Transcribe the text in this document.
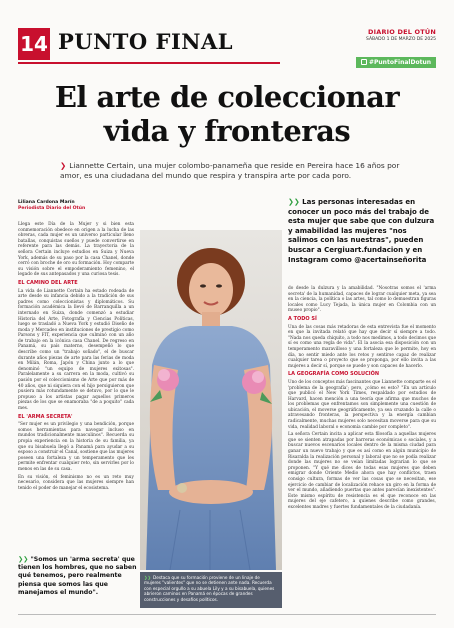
14 PUNTO FINAL	DIARIO DEL OTÚN
SÁBADO 1 DE MARZO DE 2025
#PuntoFinalDotun
El arte de coleccionar
vida y fronteras
❯ Liannette Certain, una mujer colombo-panameña que reside en Pereira hace 16 años por amor, es una ciudadana del mundo que respira y transpira arte por cada poro.
Liliana Cardona Marín
Periodista Diario del Otún
❯❯ Las personas interesadas en conocer un poco más del trabajo de esta mujer que sabe que con dulzura y amabilidad las mujeres "nos salimos con las nuestras", pueden buscar a Cergiuart.fundacion y en Instagram como @acertainseñorita

Llega este Día de la Mujer y si bien esta conmemoración obedece en origen a la lucha de las obreras, cada mujer es un universo particular lleno batallas, conquistas sueños y puede convertirse en referente para las demás. La trayectoria de la señora Certain incluye estudios en Suiza y Nueva York, además de su paso por la casa Chanel, donde cerró con broche de oro su formación. Hoy comparte su visión sobre el empoderamiento femenino, el legado de sus antepasados y una curiosa tesis.

EL CAMINO DEL ARTE

La vida de Liannette Certain ha estado rodeada de arte desde su infancia debido a la tradición de sus padres como coleccionistas y diplomáticos. Su formación académica la llevó de Barranquilla a un internado en Suiza, donde comenzó a estudiar Historia del Arte, Fotografía y Ciencias Políticas, luego se trasladó a Nueva York y estudió Diseño de moda y Mercadeo en instituciones de prestigio como Parsons y FIT, experiencia que culminó con un año de trabajo en la icónica casa Chanel. De regreso en Panamá, su país materno, desempeñó lo que describe como un "trabajo soñado", el de buscar durante años piezas de arte para las ferias de moda en Milán, Roma, Japón y China junto a lo que denominó "un equipo de mujeres exitosas". Paralelamente a su carrera en la moda, cultivó su pasión por el coleccionismo de Arte que por más de 40 años, que ni siquiera con el hijo persiguieron que pusiera más rotundamente se detuvo, por lo que le propuso a los artistas pagar aquellos primeros piezas de los que se enamoraba "de a poquito" cada mes.

EL 'ARMA SECRETA'

"Ser mujer es un privilegio y una bendición, porque somos herramientas para navegar incluso en mundos tradicionalmente masculinos". Recuerda su propia experiencia en la historia de su familia, ya que su bisabuela llegó a Panamá para ayudar a su esposo a construir el Canal, sostiene que las mujeres poseen una fortaleza y un temperamento que les permite enfrentar cualquier reto, sin servirles por lo menos en las de su casa.

En su visión, el feminismo no es un reto muy necesario, considera que las mujeres siempre han tenido el poder de manejar el ecosistema.

❯❯ Destaca que su formación proviene de un linaje de mujeres "valientes" que no se detienen ante nada. Recuerda con especial orgullo a su abuela Lily y a su bisabuela, quienes abrieron caminos en Panamá en épocas de grandes construcciones y desafíos políticos.

do desde la dulzura y la amabilidad. "Nosotras somos el 'arma secreta' de la humanidad, capaces de lograr cualquier meta, ya sea en la ciencia, la política o las artes, tal como lo demuestran figuras locales como Lucy Tejada, la única mujer en Colombia con un museo propio".

A TODO SÍ

Una de las cosas más retadoras de esta entrevista fue el momento en que la invitada relató que hay que decir sí siempre a todo. "Nada nos queda chiquito, a todo nos medimos, a todo decimos que sí es como una regla de vida". El la asocia esa disposición con un temperamento maravilloso y una fortaleza que le permite, hoy en día, no sentir miedo ante los retos y sentirse capaz de realizar cualquier tarea o proyecto que se proponga, por ello invita a las mujeres a decir sí, porque se puede y son capaces de hacerlo.

LA GEOGRAFÍA COMO SOLUCIÓN

Uno de los conceptos más fascinantes que Liannette comparte es el 'problema de la geografía'; pero, ¿cómo es esto? "En un artículo que publicó el New York Times, respaldado por estudios de Harvard, hacen mención a una teoría que afirma que muchos de los problemas que enfrentamos son simplemente una cuestión de ubicación, el moverse geográficamente, ya sea cruzando la calle o atravesando fronteras, la perspectiva y la energía cambian radicalmente, muchas mujeres solo necesitan moverse para que su vida, realidad laboral o economía cambie por completo".

La señora Certain incita a aplicar esta filosofía a aquellas mujeres que se sienten atrapadas por barreras económicas o sociales, y a buscar nuevos escenarios locales dentro de la misma ciudad para ganar un nuevo trabajo y que es así como en algún municipio de Risaralda la realización personal y laboral que no se podía realizar donde las mujeres no se veían limitadas lograrían lo que se proponen. "Y qué me dices de todas esas mujeres que deben emigrar donde Oriente Medio ahora que hay conflictos, traen consigo cultura, formas de ver las cosas que se necesitan, ese ejercicio de cambiar de localización rehace un giro en la forma de ver el mundo, añadiendo puertas que antes parecían inexistentes". Este mismo espíritu de resistencia es el que reconoce en las mujeres del eje cafetero, a quienes describe como grandes, excelentes madres y fuertes fundamentales de la ciudadanía.

❯❯ "Somos un 'arma secreta' que tienen los hombres, que no saben qué tenemos, pero realmente piensa que somos las que manejamos el mundo".
